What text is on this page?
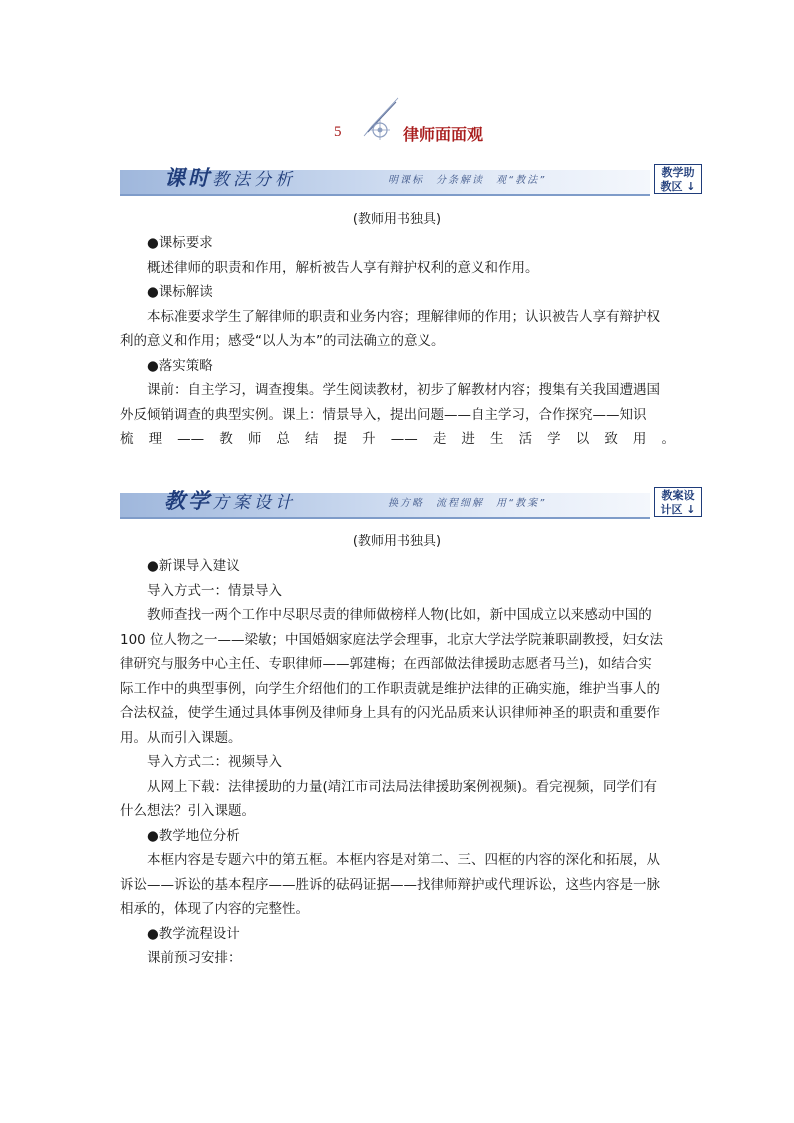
5	律师面面观
课时教法分析	明课标　分条解读　观“教法”
教学助
教区 ↓
(教师用书独具)

●课标要求

概述律师的职责和作用，解析被告人享有辩护权利的意义和作用。

●课标解读

本标准要求学生了解律师的职责和业务内容；理解律师的作用；认识被告人享有辩护权

利的意义和作用；感受“以人为本”的司法确立的意义。

●落实策略

课前：自主学习，调查搜集。学生阅读教材，初步了解教材内容；搜集有关我国遭遇国

外反倾销调查的典型实例。课上：情景导入，提出问题——自主学习，合作探究——知识

梳理——教师总结提升——走进生活学以致用。

教学方案设计	换方略　流程细解　用“教案”
教案设
计区 ↓
(教师用书独具)

●新课导入建议

导入方式一：情景导入

教师查找一两个工作中尽职尽责的律师做榜样人物(比如，新中国成立以来感动中国的

100 位人物之一——梁敏；中国婚姻家庭法学会理事，北京大学法学院兼职副教授，妇女法

律研究与服务中心主任、专职律师——郭建梅；在西部做法律援助志愿者马兰)，如结合实

际工作中的典型事例，向学生介绍他们的工作职责就是维护法律的正确实施，维护当事人的

合法权益，使学生通过具体事例及律师身上具有的闪光品质来认识律师神圣的职责和重要作

用。从而引入课题。

导入方式二：视频导入

从网上下载：法律援助的力量(靖江市司法局法律援助案例视频)。看完视频，同学们有

什么想法？引入课题。

●教学地位分析

本框内容是专题六中的第五框。本框内容是对第二、三、四框的内容的深化和拓展，从

诉讼——诉讼的基本程序——胜诉的砝码证据——找律师辩护或代理诉讼，这些内容是一脉

相承的，体现了内容的完整性。

●教学流程设计

课前预习安排：
